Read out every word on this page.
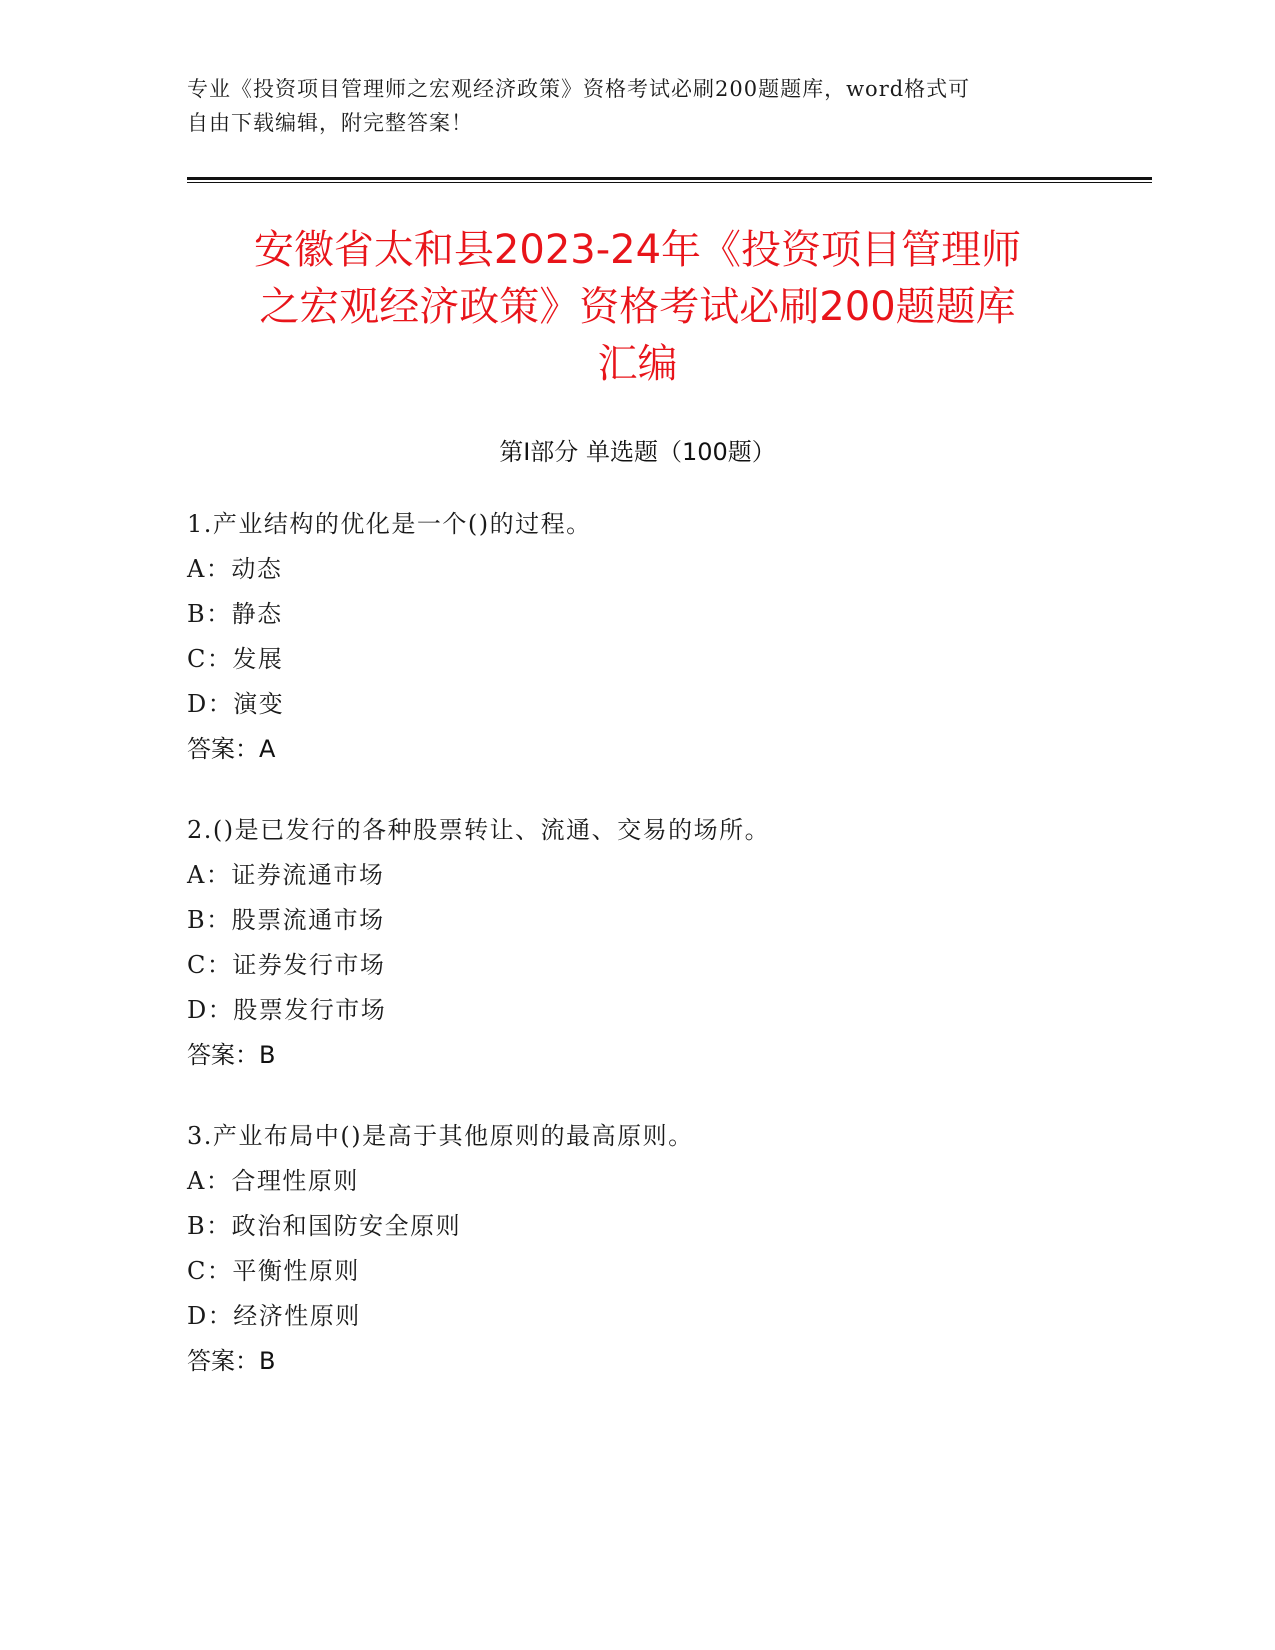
专业《投资项目管理师之宏观经济政策》资格考试必刷200题题库，word格式可
自由下载编辑，附完整答案！
安徽省太和县2023-24年《投资项目管理师
之宏观经济政策》资格考试必刷200题题库
汇编
第Ⅰ部分 单选题（100题）
1.产业结构的优化是一个()的过程。
A：动态
B：静态
C：发展
D：演变
答案：A
2.()是已发行的各种股票转让、流通、交易的场所。
A：证券流通市场
B：股票流通市场
C：证券发行市场
D：股票发行市场
答案：B
3.产业布局中()是高于其他原则的最高原则。
A：合理性原则
B：政治和国防安全原则
C：平衡性原则
D：经济性原则
答案：B
